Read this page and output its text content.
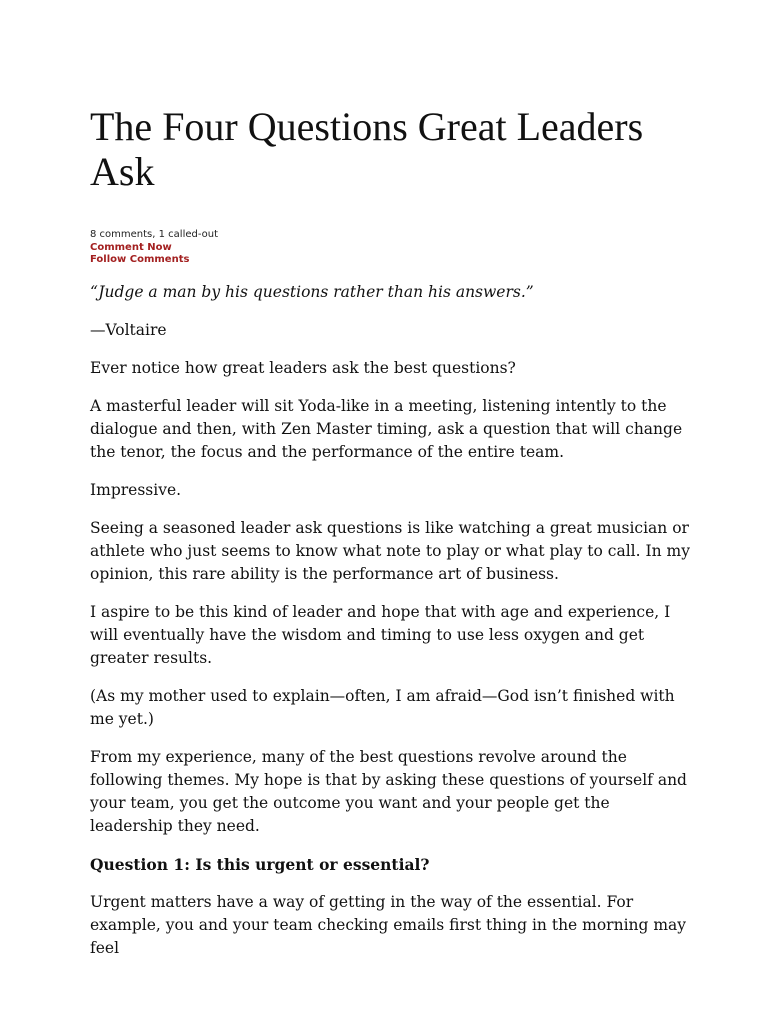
The Four Questions Great Leaders Ask
8 comments, 1 called-out
Comment Now
Follow Comments

“Judge a man by his questions rather than his answers.”

—Voltaire

Ever notice how great leaders ask the best questions?

A masterful leader will sit Yoda-like in a meeting, listening intently to the dialogue and then, with Zen Master timing, ask a question that will change the tenor, the focus and the performance of the entire team.

Impressive.

Seeing a seasoned leader ask questions is like watching a great musician or athlete who just seems to know what note to play or what play to call. In my opinion, this rare ability is the performance art of business.

I aspire to be this kind of leader and hope that with age and experience, I will eventually have the wisdom and timing to use less oxygen and get greater results.

(As my mother used to explain—often, I am afraid—God isn’t finished with me yet.)

From my experience, many of the best questions revolve around the following themes. My hope is that by asking these questions of yourself and your team, you get the outcome you want and your people get the leadership they need.

Question 1: Is this urgent or essential?

Urgent matters have a way of getting in the way of the essential. For example, you and your team checking emails first thing in the morning may feel
